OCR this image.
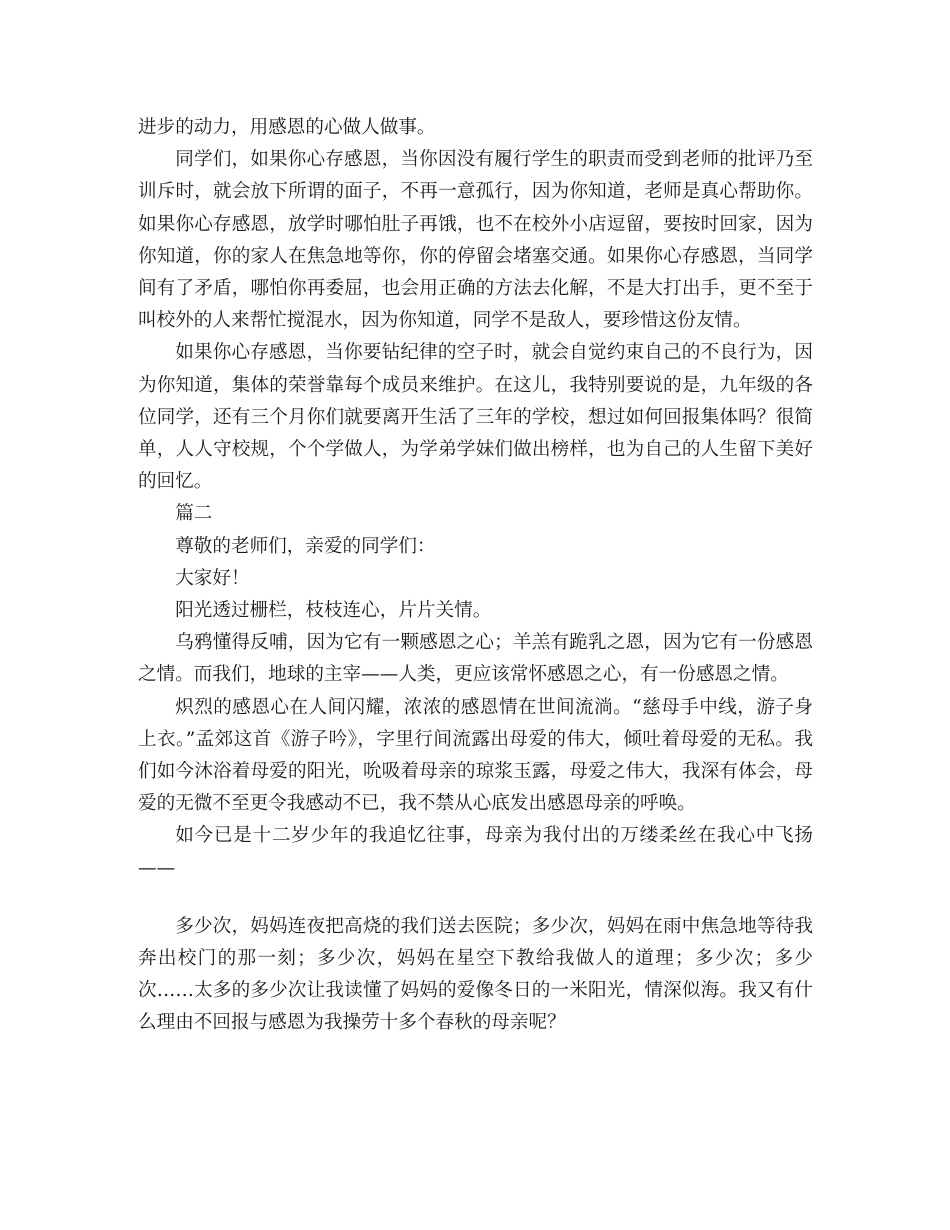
进步的动力，用感恩的心做人做事。

同学们，如果你心存感恩，当你因没有履行学生的职责而受到老师的批评乃至训斥时，就会放下所谓的面子，不再一意孤行，因为你知道，老师是真心帮助你。如果你心存感恩，放学时哪怕肚子再饿，也不在校外小店逗留，要按时回家，因为你知道，你的家人在焦急地等你，你的停留会堵塞交通。如果你心存感恩，当同学间有了矛盾，哪怕你再委屈，也会用正确的方法去化解，不是大打出手，更不至于叫校外的人来帮忙搅混水，因为你知道，同学不是敌人，要珍惜这份友情。

如果你心存感恩，当你要钻纪律的空子时，就会自觉约束自己的不良行为，因为你知道，集体的荣誉靠每个成员来维护。在这儿，我特别要说的是，九年级的各位同学，还有三个月你们就要离开生活了三年的学校，想过如何回报集体吗？很简单，人人守校规，个个学做人，为学弟学妹们做出榜样，也为自己的人生留下美好的回忆。

篇二

尊敬的老师们，亲爱的同学们：

大家好！

阳光透过栅栏，枝枝连心，片片关情。

乌鸦懂得反哺，因为它有一颗感恩之心；羊羔有跪乳之恩，因为它有一份感恩之情。而我们，地球的主宰——人类，更应该常怀感恩之心，有一份感恩之情。

炽烈的感恩心在人间闪耀，浓浓的感恩情在世间流淌。“慈母手中线，游子身上衣。”孟郊这首《游子吟》，字里行间流露出母爱的伟大，倾吐着母爱的无私。我们如今沐浴着母爱的阳光，吮吸着母亲的琼浆玉露，母爱之伟大，我深有体会，母爱的无微不至更令我感动不已，我不禁从心底发出感恩母亲的呼唤。

如今已是十二岁少年的我追忆往事，母亲为我付出的万缕柔丝在我心中飞扬——

多少次，妈妈连夜把高烧的我们送去医院；多少次，妈妈在雨中焦急地等待我奔出校门的那一刻；多少次，妈妈在星空下教给我做人的道理；多少次；多少次……太多的多少次让我读懂了妈妈的爱像冬日的一米阳光，情深似海。我又有什么理由不回报与感恩为我操劳十多个春秋的母亲呢？
